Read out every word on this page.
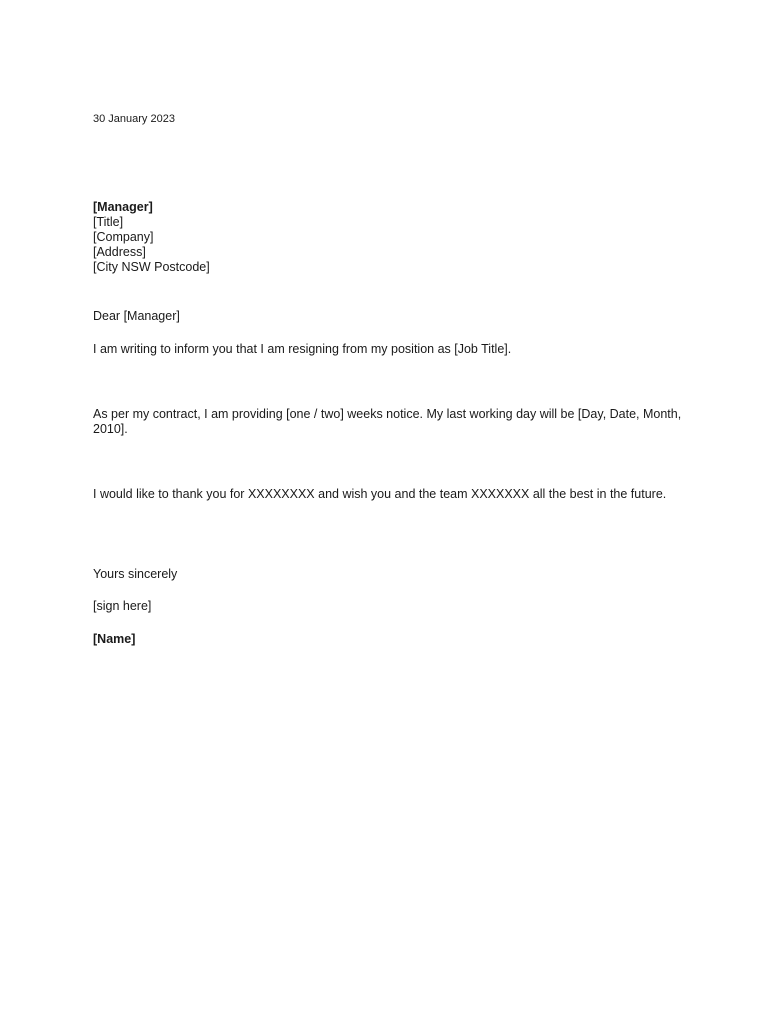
30 January 2023

[Manager]

[Title]

[Company]

[Address]

[City NSW Postcode]

Dear [Manager]

I am writing to inform you that I am resigning from my position as [Job Title].

As per my contract, I am providing [one / two] weeks notice. My last working day will be [Day, Date, Month, 2010].

I would like to thank you for XXXXXXXX and wish you and the team XXXXXXX all the best in the future.

Yours sincerely

[sign here]

[Name]
